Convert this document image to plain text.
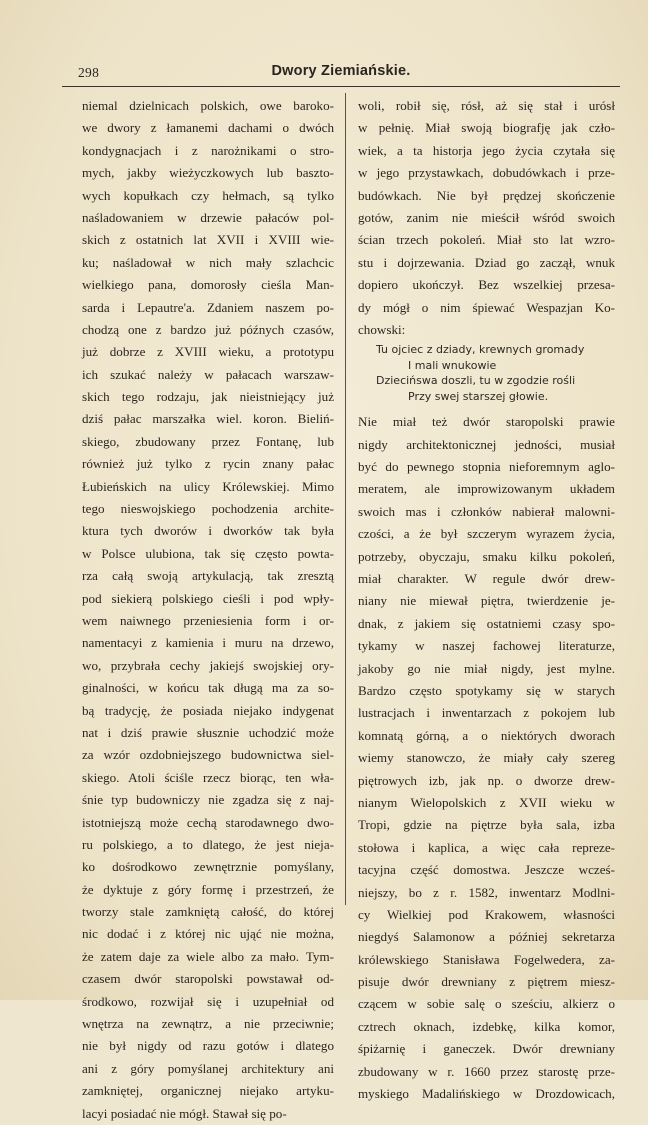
298	Dwory Ziemiańskie.
niemal dzielnicach polskich, owe baroko-
we dwory z łamanemi dachami o dwóch
kondygnacjach i z narożnikami o stro-
mych, jakby wieżyczkowych lub baszto-
wych kopułkach czy hełmach, są tylko
naśladowaniem w drzewie pałaców pol-
skich z ostatnich lat XVII i XVIII wie-
ku; naśladował w nich mały szlachcic
wielkiego pana, domorosły cieśla Man-
sarda i Lepautre'a. Zdaniem naszem po-
chodzą one z bardzo już późnych czasów,
już dobrze z XVIII wieku, a prototypu
ich szukać należy w pałacach warszaw-
skich tego rodzaju, jak nieistniejący już
dziś pałac marszałka wiel. koron. Bieliń-
skiego, zbudowany przez Fontanę, lub
również już tylko z rycin znany pałac
Łubieńskich na ulicy Królewskiej. Mimo
tego nieswojskiego pochodzenia archite-
ktura tych dworów i dworków tak była
w Polsce ulubiona, tak się często powta-
rza całą swoją artykulacją, tak zresztą
pod siekierą polskiego cieśli i pod wpły-
wem naiwnego przeniesienia form i or-
namentacyi z kamienia i muru na drzewo,
wo, przybrała cechy jakiejś swojskiej ory-
ginalności, w końcu tak długą ma za so-
bą tradycję, że posiada niejako indygenat
nat i dziś prawie słusznie uchodzić może
za wzór ozdobniejszego budownictwa siel-
skiego. Atoli ściśle rzecz biorąc, ten wła-
śnie typ budowniczy nie zgadza się z naj-
istotniejszą może cechą starodawnego dwo-
ru polskiego, a to dlatego, że jest nieja-
ko dośrodkowo zewnętrznie pomyślany,
że dyktuje z góry formę i przestrzeń, że
tworzy stale zamkniętą całość, do której
nic dodać i z której nic ująć nie można,
że zatem daje za wiele albo za mało. Tym-
czasem dwór staropolski powstawał od-
środkowo, rozwijał się i uzupełniał od
wnętrza na zewnątrz, a nie przeciwnie;
nie był nigdy od razu gotów i dlatego
ani z góry pomyślanej architektury ani
zamkniętej, organicznej niejako artyku-
lacyi posiadać nie mógł. Stawał się po-
woli, robił się, rósł, aż się stał i urósł
w pełnię. Miał swoją biografję jak czło-
wiek, a ta historja jego życia czytała się
w jego przystawkach, dobudówkach i prze-
budówkach. Nie był prędzej skończenie
gotów, zanim nie mieścił wśród swoich
ścian trzech pokoleń. Miał sto lat wzro-
stu i dojrzewania. Dziad go zaczął, wnuk
dopiero ukończył. Bez wszelkiej przesa-
dy mógł o nim śpiewać Wespazjan Ko-
chowski:
Tu ojciec z dziady, krewnych gromady
I mali wnukowie
Dziecińswa doszli, tu w zgodzie rośli
Przy swej starszej głowie.
Nie miał też dwór staropolski prawie
nigdy architektonicznej jedności, musiał
być do pewnego stopnia nieforemnym aglo-
meratem, ale improwizowanym układem
swoich mas i członków nabierał malowni-
czości, a że był szczerym wyrazem życia,
potrzeby, obyczaju, smaku kilku pokoleń,
miał charakter. W regule dwór drew-
niany nie miewał piętra, twierdzenie je-
dnak, z jakiem się ostatniemi czasy spo-
tykamy w naszej fachowej literaturze,
jakoby go nie miał nigdy, jest mylne.
Bardzo często spotykamy się w starych
lustracjach i inwentarzach z pokojem lub
komnatą górną, a o niektórych dworach
wiemy stanowczo, że miały cały szereg
piętrowych izb, jak np. o dworze drew-
nianym Wielopolskich z XVII wieku w
Tropi, gdzie na piętrze była sala, izba
stołowa i kaplica, a więc cała repreze-
tacyjna część domostwa. Jeszcze wcześ-
niejszy, bo z r. 1582, inwentarz Modlni-
cy Wielkiej pod Krakowem, własności
niegdyś Salamonow a później sekretarza
królewskiego Stanisława Fogelwedera, za-
pisuje dwór drewniany z piętrem miesz-
czącem w sobie salę o sześciu, alkierz o
cztrech oknach, izdebkę, kilka komor,
śpiżarnię i ganeczek. Dwór drewniany
zbudowany w r. 1660 przez starostę prze-
myskiego Madalińskiego w Drozdowicach,
